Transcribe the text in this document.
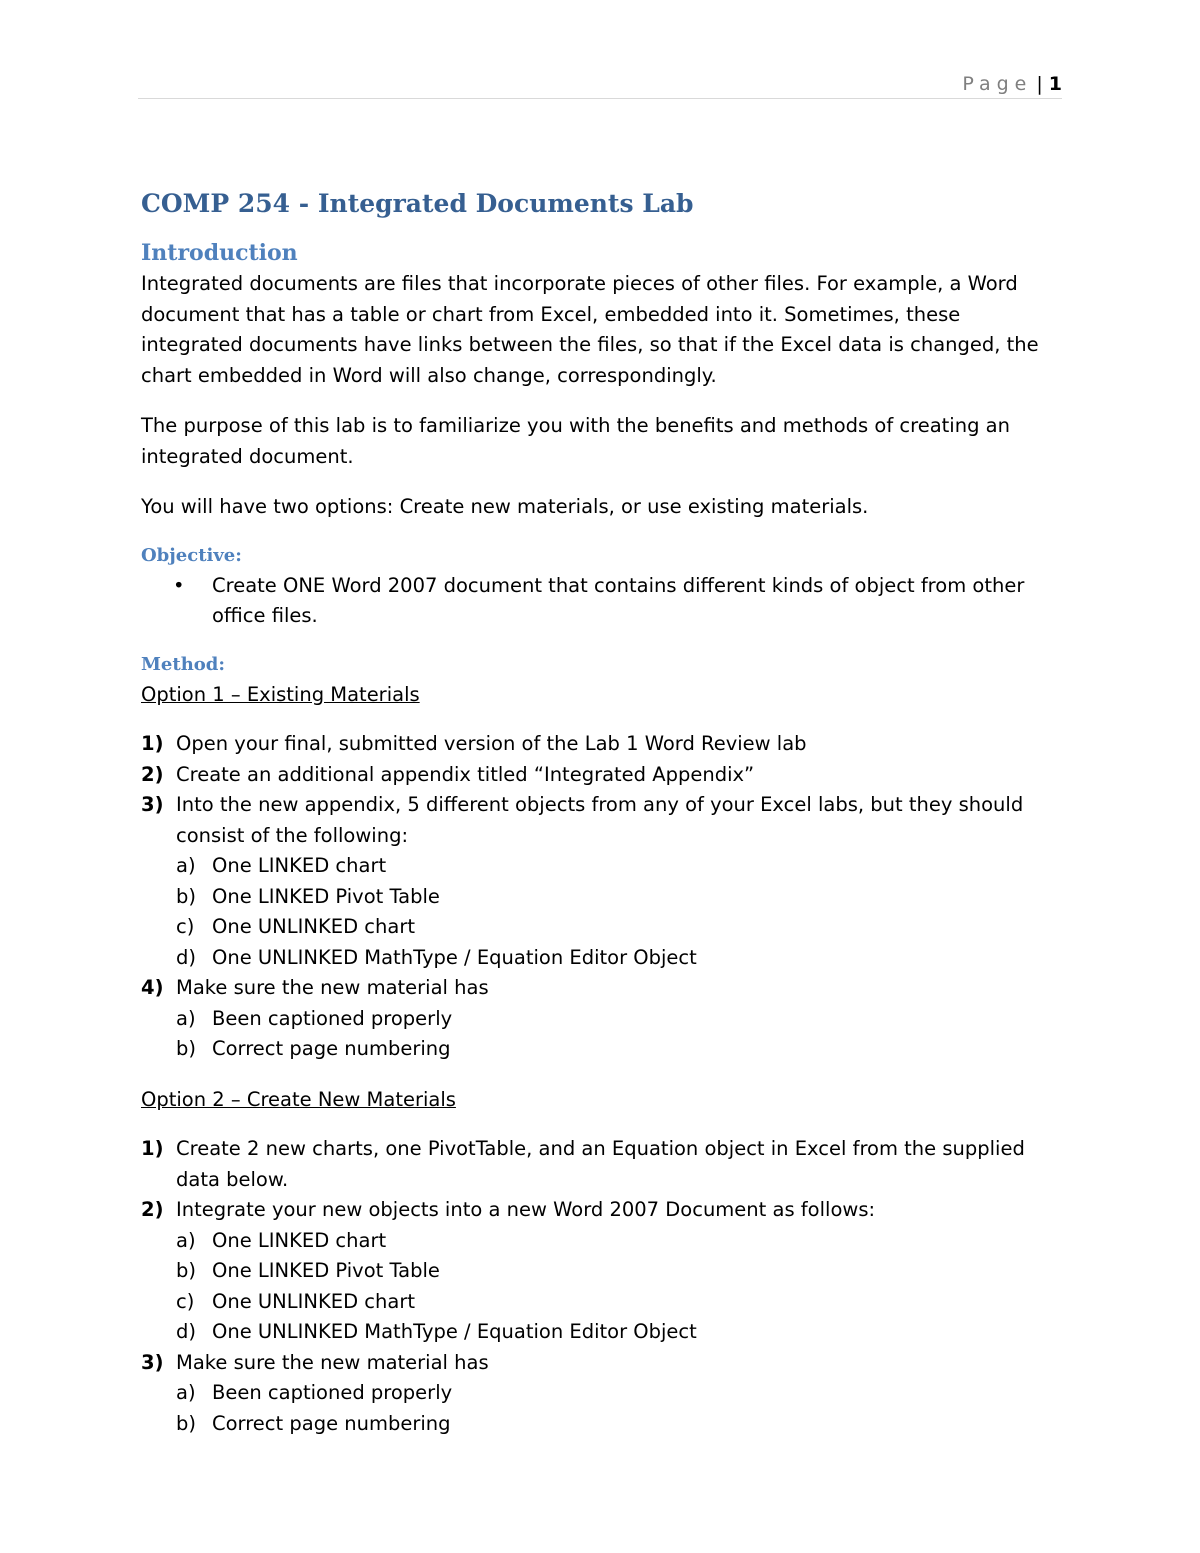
Page | 1
COMP 254 - Integrated Documents Lab
Introduction

Integrated documents are files that incorporate pieces of other files. For example, a Word document that has a table or chart from Excel, embedded into it. Sometimes, these integrated documents have links between the files, so that if the Excel data is changed, the chart embedded in Word will also change, correspondingly.

The purpose of this lab is to familiarize you with the benefits and methods of creating an integrated document.

You will have two options: Create new materials, or use existing materials.

Objective:
• Create ONE Word 2007 document that contains different kinds of object from other office files.
Method:
Option 1 – Existing Materials
1) Open your final, submitted version of the Lab 1 Word Review lab
2) Create an additional appendix titled “Integrated Appendix”
3) Into the new appendix, 5 different objects from any of your Excel labs, but they should consist of the following:
a) One LINKED chart
b) One LINKED Pivot Table
c) One UNLINKED chart
d) One UNLINKED MathType / Equation Editor Object
4) Make sure the new material has
a) Been captioned properly
b) Correct page numbering
Option 2 – Create New Materials
1) Create 2 new charts, one PivotTable, and an Equation object in Excel from the supplied data below.
2) Integrate your new objects into a new Word 2007 Document as follows:
a) One LINKED chart
b) One LINKED Pivot Table
c) One UNLINKED chart
d) One UNLINKED MathType / Equation Editor Object
3) Make sure the new material has
a) Been captioned properly
b) Correct page numbering
